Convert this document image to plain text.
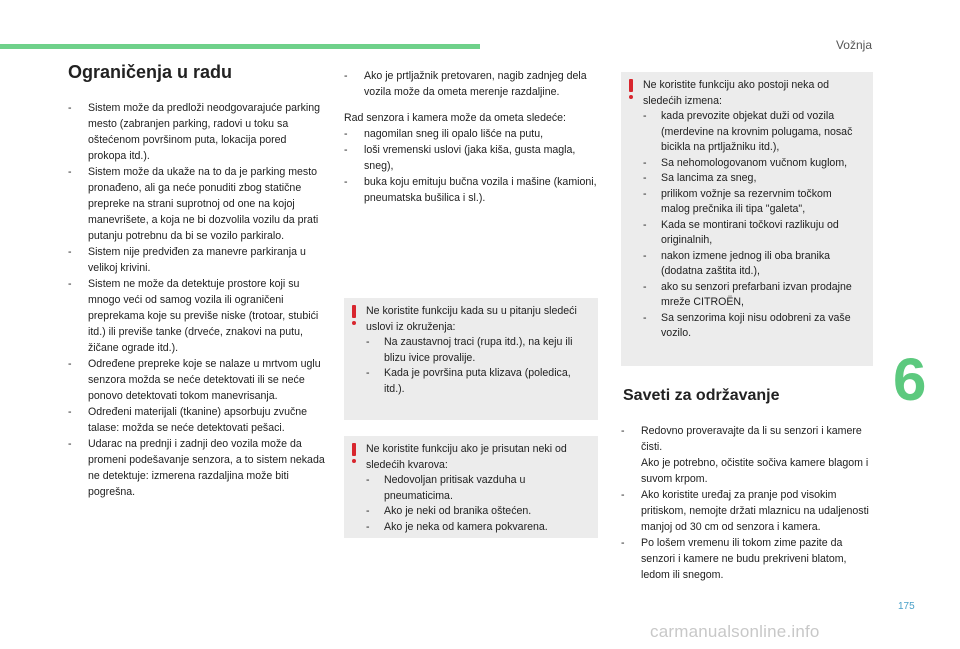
Vožnja
6
175
carmanualsonline.info
Ograničenja u radu
- Sistem može da predloži neodgovarajuće parking mesto (zabranjen parking, radovi u toku sa oštećenom površinom puta, lokacija pored prokopa itd.).
- Sistem može da ukaže na to da je parking mesto pronađeno, ali ga neće ponuditi zbog statične prepreke na strani suprotnoj od one na kojoj manevrišete, a koja ne bi dozvolila vozilu da prati putanju potrebnu da bi se vozilo parkiralo.
- Sistem nije predviđen za manevre parkiranja u velikoj krivini.
- Sistem ne može da detektuje prostore koji su mnogo veći od samog vozila ili ograničeni preprekama koje su previše niske (trotoar, stubići itd.) ili previše tanke (drveće, znakovi na putu, žičane ograde itd.).
- Određene prepreke koje se nalaze u mrtvom uglu senzora možda se neće detektovati ili se neće ponovo detektovati tokom manevrisanja.
- Određeni materijali (tkanine) apsorbuju zvučne talase: možda se neće detektovati pešaci.
- Udarac na prednji i zadnji deo vozila može da promeni podešavanje senzora, a to sistem nekada ne detektuje: izmerena razdaljina može biti pogrešna.
- Ako je prtljažnik pretovaren, nagib zadnjeg dela vozila može da ometa merenje razdaljine.

Rad senzora i kamera može da ometa sledeće:

- nagomilan sneg ili opalo lišće na putu,
- loši vremenski uslovi (jaka kiša, gusta magla, sneg),
- buka koju emituju bučna vozila i mašine (kamioni, pneumatska bušilica i sl.).

Ne koristite funkciju kada su u pitanju sledeći uslovi iz okruženja:

- Na zaustavnoj traci (rupa itd.), na keju ili blizu ivice provalije.
- Kada je površina puta klizava (poledica, itd.).

Ne koristite funkciju ako je prisutan neki od sledećih kvarova:

- Nedovoljan pritisak vazduha u pneumaticima.
- Ako je neki od branika oštećen.
- Ako je neka od kamera pokvarena.

Ne koristite funkciju ako postoji neka od sledećih izmena:

- kada prevozite objekat duži od vozila (merdevine na krovnim polugama, nosač bicikla na prtljažniku itd.),
- Sa nehomologovanom vučnom kuglom,
- Sa lancima za sneg,
- prilikom vožnje sa rezervnim točkom malog prečnika ili tipa "galeta",
- Kada se montirani točkovi razlikuju od originalnih,
- nakon izmene jednog ili oba branika (dodatna zaštita itd.),
- ako su senzori prefarbani izvan prodajne mreže CITROËN,
- Sa senzorima koji nisu odobreni za vaše vozilo.
Saveti za održavanje
- Redovno proveravajte da li su senzori i kamere čisti.
Ako je potrebno, očistite sočiva kamere blagom i suvom krpom.
- Ako koristite uređaj za pranje pod visokim pritiskom, nemojte držati mlaznicu na udaljenosti manjoj od 30 cm od senzora i kamera.
- Po lošem vremenu ili tokom zime pazite da senzori i kamere ne budu prekriveni blatom, ledom ili snegom.
